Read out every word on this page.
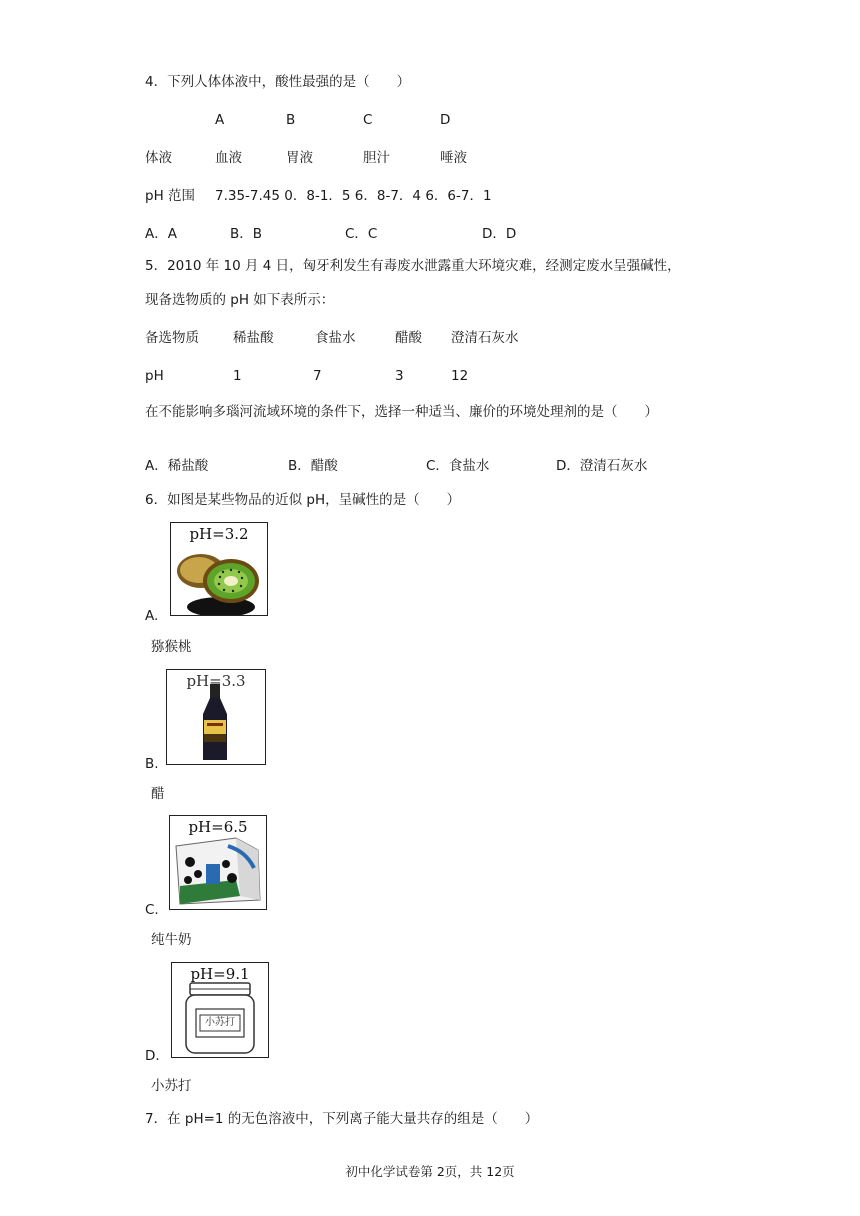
4．下列人体体液中，酸性最强的是（　　）
A	B	C	D
体液	血液	胃液	胆汁	唾液
pH 范围 7.35-7.45 0．8-1．5 6．8-7．4 6．6-7．1
A．A	B．B	C．C	D．D
5．2010 年 10 月 4 日，匈牙利发生有毒废水泄露重大环境灾难，经测定废水呈强碱性，
现备选物质的 pH 如下表所示：
备选物质	稀盐酸	食盐水	醋酸 澄清石灰水
pH	1	7	3	12
在不能影响多瑙河流域环境的条件下，选择一种适当、廉价的环境处理剂的是（　　）
A．稀盐酸	B．醋酸	C．食盐水	D．澄清石灰水
6．如图是某些物品的近似 pH，呈碱性的是（　　）
pH=3.2
A.
猕猴桃
pH=3.3
B.
醋
pH=6.5
C.
纯牛奶
pH=9.1
小苏打
D.
小苏打
7．在 pH=1 的无色溶液中，下列离子能大量共存的组是（　　）
初中化学试卷第 2页，共 12页
